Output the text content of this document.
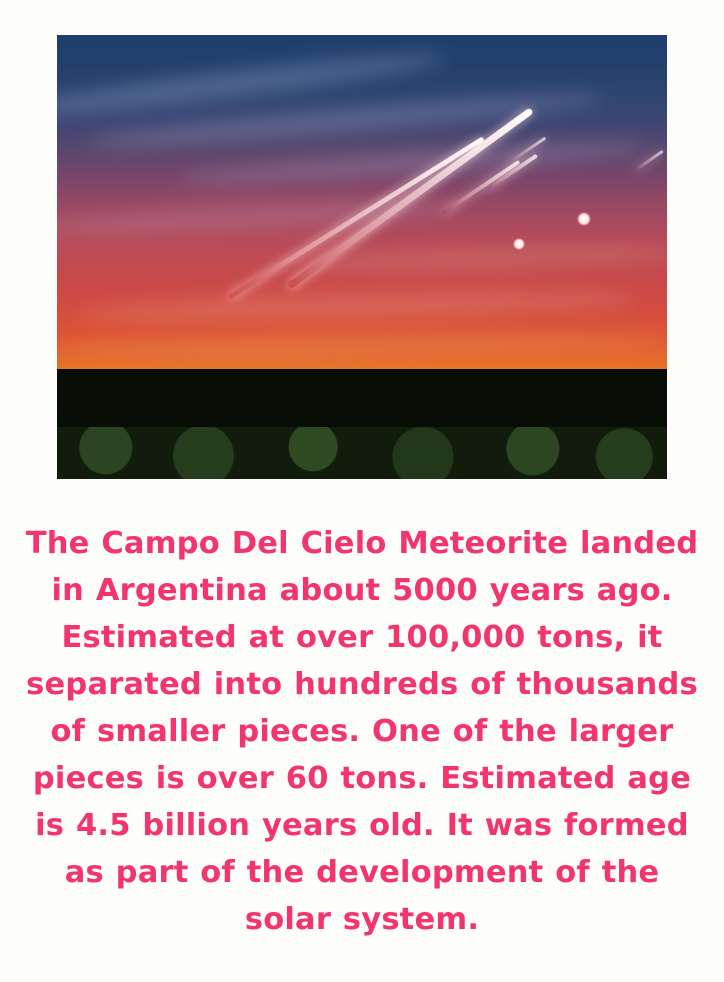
The Campo Del Cielo Meteorite landed in Argentina about 5000 years ago. Estimated at over 100,000 tons, it separated into hundreds of thousands of smaller pieces. One of the larger pieces is over 60 tons. Estimated age is 4.5 billion years old. It was formed as part of the development of the solar system.
